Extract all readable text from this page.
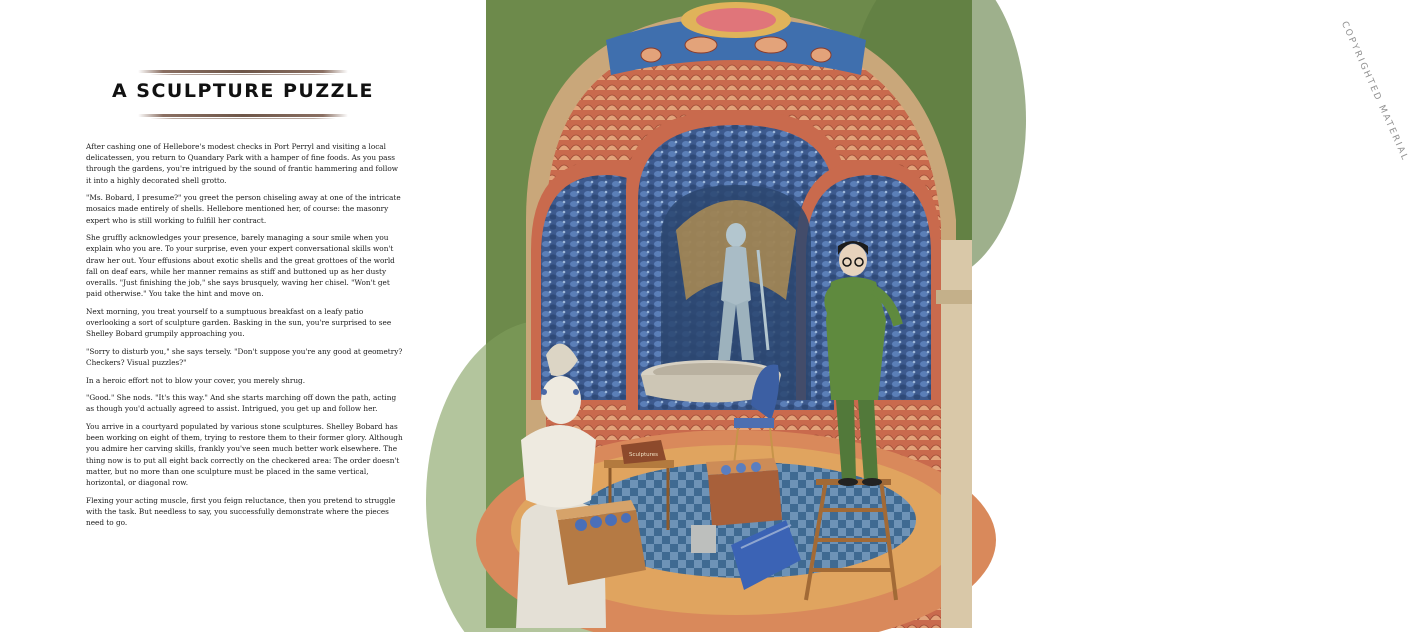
A SCULPTURE PUZZLE

After cashing one of Hellebore's modest checks in Port Perryl and visiting a local delicatessen, you return to Quandary Park with a hamper of fine foods. As you pass through the gardens, you're intrigued by the sound of frantic hammering and follow it into a highly decorated shell grotto.

"Ms. Bobard, I presume?" you greet the person chiseling away at one of the intricate mosaics made entirely of shells. Hellebore mentioned her, of course: the masonry expert who is still working to fulfill her contract.

She gruffly acknowledges your presence, barely managing a sour smile when you explain who you are. To your surprise, even your expert conversational skills won't draw her out. Your effusions about exotic shells and the great grottoes of the world fall on deaf ears, while her manner remains as stiff and buttoned up as her dusty overalls. "Just finishing the job," she says brusquely, waving her chisel. "Won't get paid otherwise." You take the hint and move on.

Next morning, you treat yourself to a sumptuous breakfast on a leafy patio overlooking a sort of sculpture garden. Basking in the sun, you're surprised to see Shelley Bobard grumpily approaching you.

"Sorry to disturb you," she says tersely. "Don't suppose you're any good at geometry? Checkers? Visual puzzles?"

In a heroic effort not to blow your cover, you merely shrug.

"Good." She nods. "It's this way." And she starts marching off down the path, acting as though you'd actually agreed to assist. Intrigued, you get up and follow her.

You arrive in a courtyard populated by various stone sculptures. Shelley Bobard has been working on eight of them, trying to restore them to their former glory. Although you admire her carving skills, frankly you've seen much better work elsewhere. The thing now is to put all eight back correctly on the checkered area: The order doesn't matter, but no more than one sculpture must be placed in the same vertical, horizontal, or diagonal row.

Flexing your acting muscle, first you feign reluctance, then you pretend to struggle with the task. But needless to say, you successfully demonstrate where the pieces need to go.

Sculptures
COPYRIGHTED MATERIAL
